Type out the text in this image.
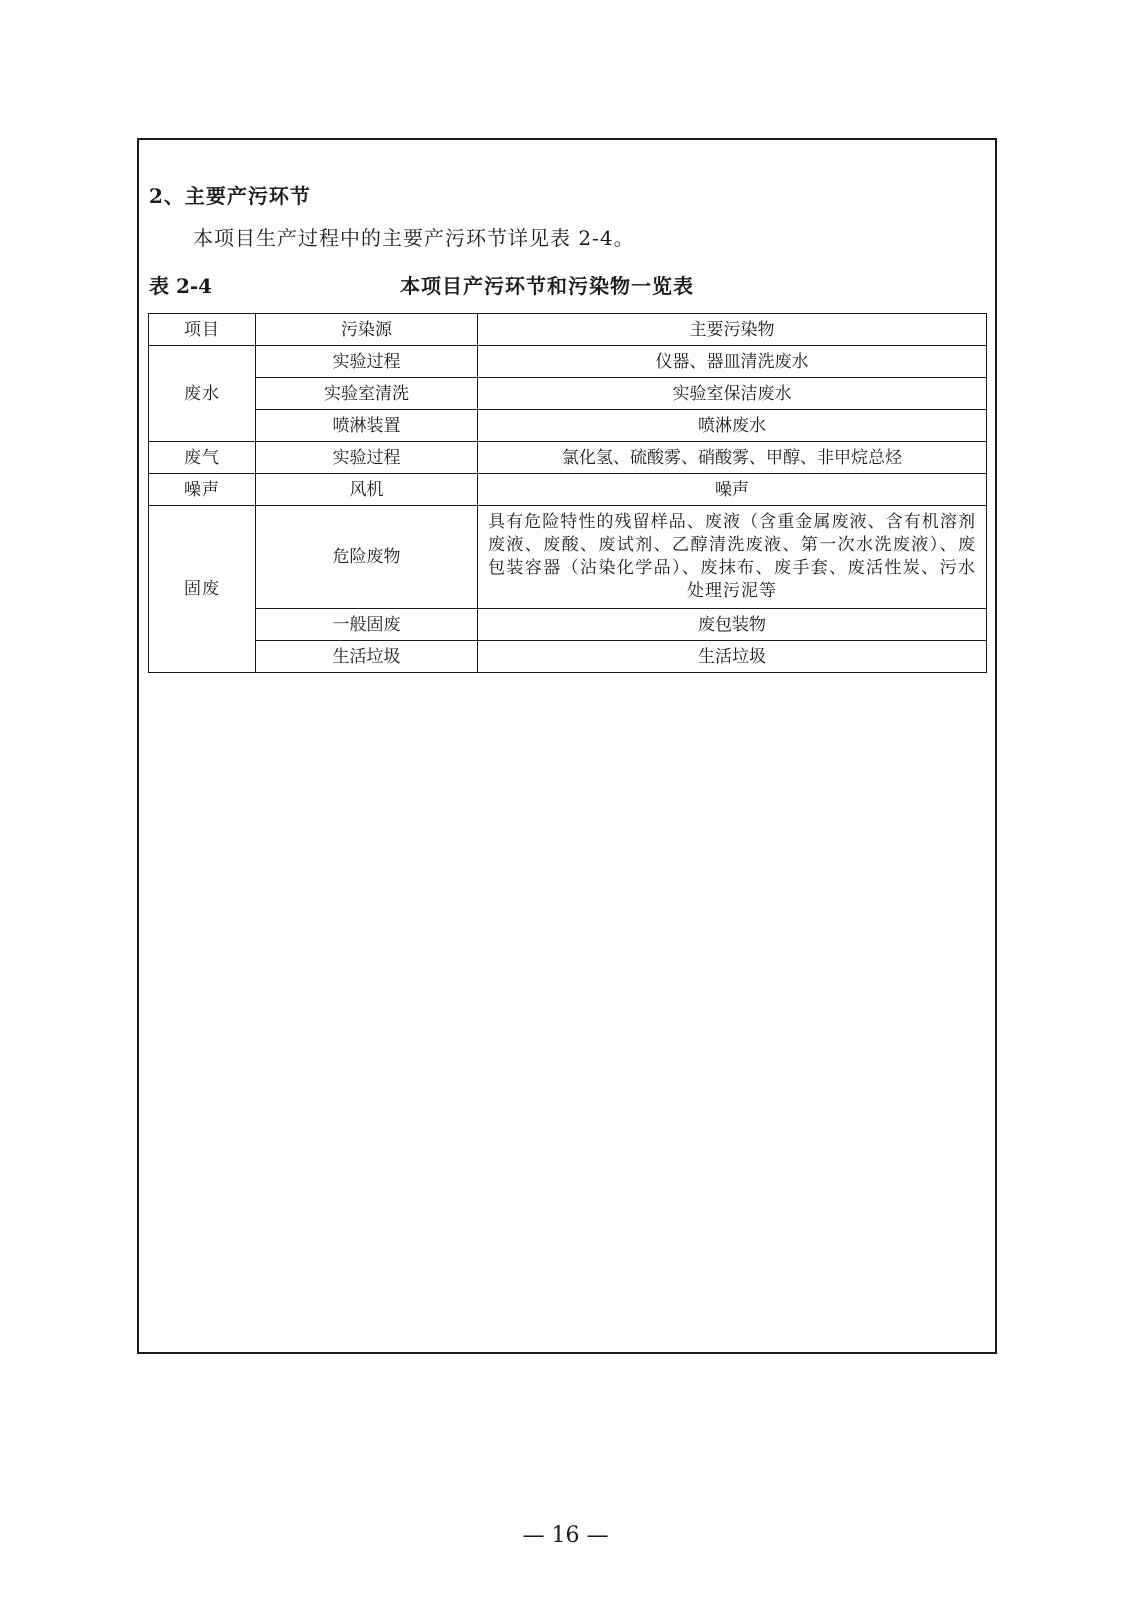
2、主要产污环节
本项目生产过程中的主要产污环节详见表 2-4。
表 2-4	本项目产污环节和污染物一览表
项目	污染源	主要污染物
废水	实验过程	仪器、器皿清洗废水
	实验室清洗	实验室保洁废水
	喷淋装置	喷淋废水
废气	实验过程	氯化氢、硫酸雾、硝酸雾、甲醇、非甲烷总烃
噪声	风机	噪声
固废	危险废物	具有危险特性的残留样品、废液（含重金属废液、含有机溶剂废液、废酸、废试剂、乙醇清洗废液、第一次水洗废液）、废包装容器（沾染化学品）、废抹布、废手套、废活性炭、污水处理污泥等
	一般固废	废包装物
	生活垃圾	生活垃圾
— 16 —
